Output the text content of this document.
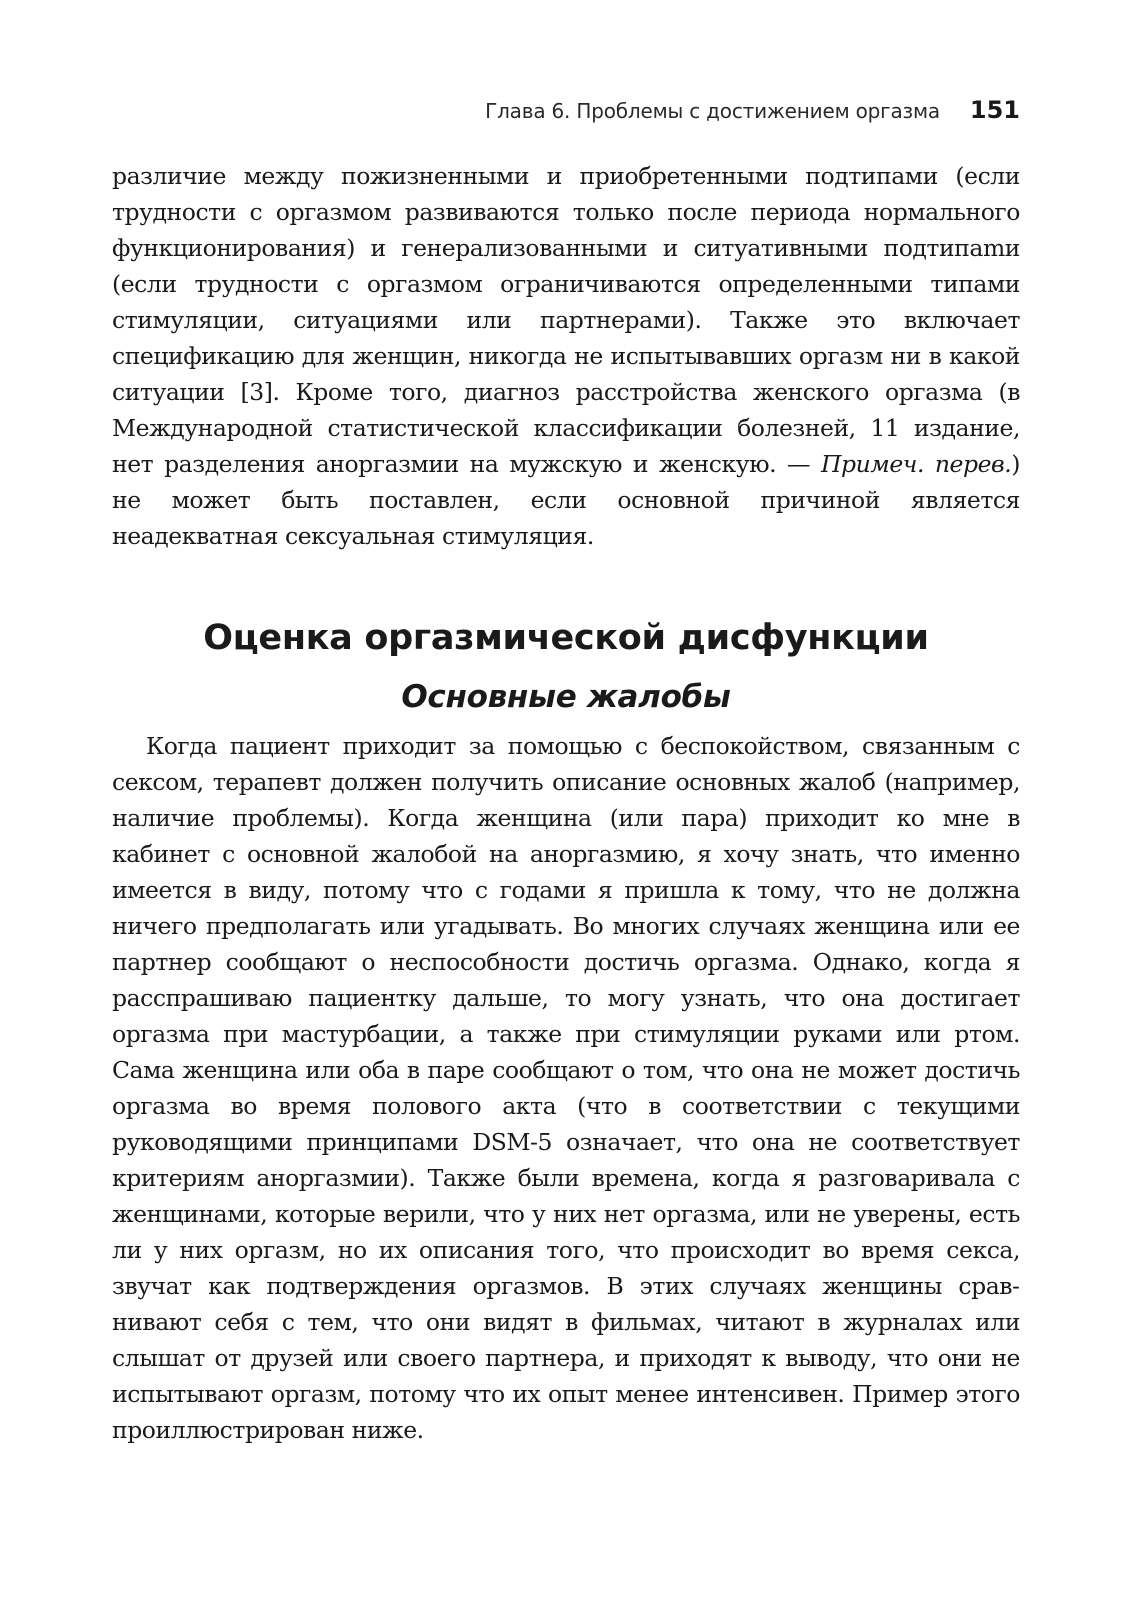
Глава 6. Проблемы с достижением оргазма 151

различие между пожизненными и приобретенными подтипами (если трудности с оргазмом развиваются только после периода нормального функционирования) и генерализованными и ситуативными подтипаmи (если трудности с оргазмом ограничиваются определенными типами стимуляции, ситуациями или партнерами). Также это включает спецификацию для женщин, никогда не испытывавших оргазм ни в какой ситуации [3]. Кроме того, диагноз расстройства женского оргазма (в Международной статистической классификации болезней, 11 издание, нет разделения аноргазмии на мужскую и женскую. — Примеч. перев.) не может быть поставлен, если основной причиной является неадекватная сексуальная стимуляция.

Оценка оргазмической дисфункции
Основные жалобы

Когда пациент приходит за помощью с беспокойством, связанным с сексом, терапевт должен получить описание основных жалоб (например, наличие проблемы). Когда женщина (или пара) приходит ко мне в кабинет с основной жалобой на аноргазмию, я хочу знать, что именно имеется в виду, потому что с годами я пришла к тому, что не должна ничего предполагать или угадывать. Во многих случаях женщина или ее партнер сообщают о неспособности достичь оргазма. Однако, когда я расспрашиваю пациентку дальше, то могу узнать, что она достигает оргазма при мастурбации, а также при стимуляции руками или ртом. Сама женщина или оба в паре сообщают о том, что она не может достичь оргазма во время полового акта (что в соответствии с текущими руководящими принципами DSM-5 означает, что она не соответствует критериям аноргазмии). Также были времена, когда я разговаривала с женщинами, которые верили, что у них нет оргазма, или не уверены, есть ли у них оргазм, но их описания того, что происходит во время секса, звучат как подтверждения оргазмов. В этих случаях женщины сравнивают себя с тем, что они видят в фильмах, читают в журналах или слышат от друзей или своего партнера, и приходят к выводу, что они не испытывают оргазм, потому что их опыт менее интенсивен. Пример этого проиллюстрирован ниже.
